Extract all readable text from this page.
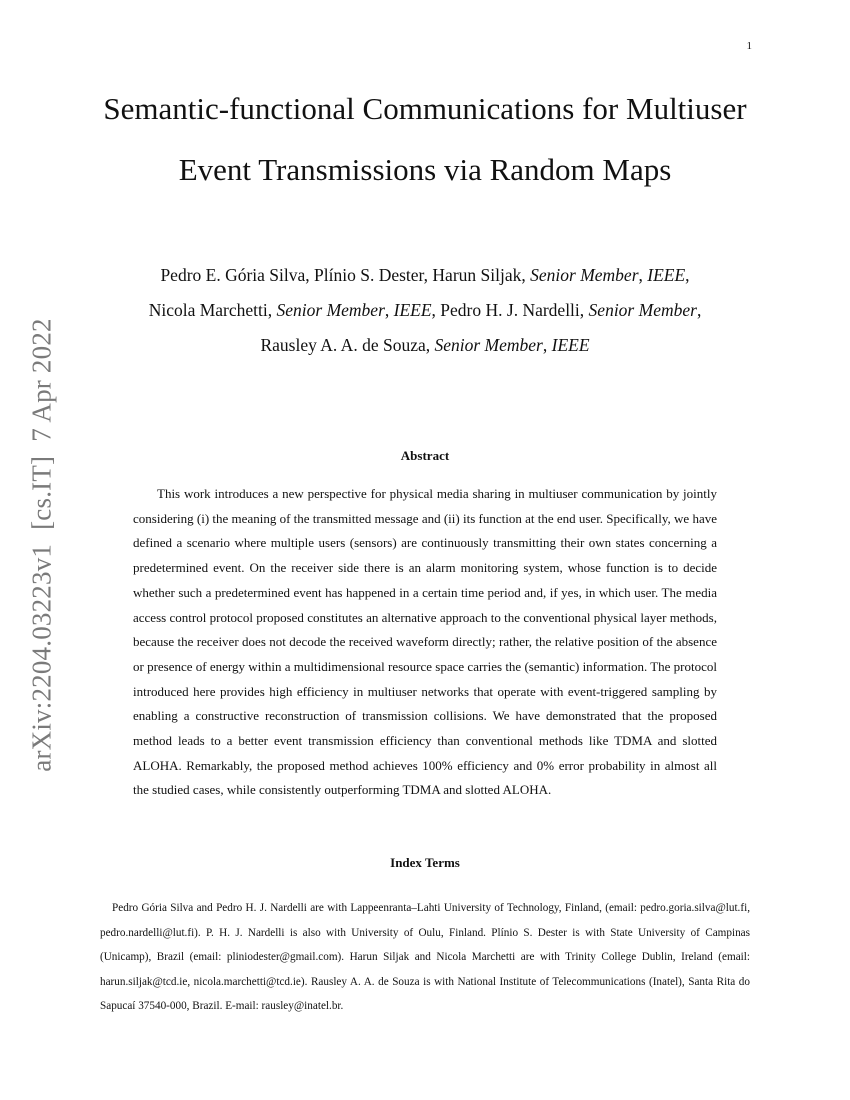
1
arXiv:2204.03223v1[cs.IT]7 Apr 2022
Semantic-functional Communications for Multiuser Event Transmissions via Random Maps
Pedro E. Gória Silva, Plínio S. Dester, Harun Siljak, Senior Member, IEEE,
Nicola Marchetti, Senior Member, IEEE, Pedro H. J. Nardelli, Senior Member,
Rausley A. A. de Souza, Senior Member, IEEE
Abstract

This work introduces a new perspective for physical media sharing in multiuser communication by jointly considering (i) the meaning of the transmitted message and (ii) its function at the end user. Specifically, we have defined a scenario where multiple users (sensors) are continuously transmitting their own states concerning a predetermined event. On the receiver side there is an alarm monitoring system, whose function is to decide whether such a predetermined event has happened in a certain time period and, if yes, in which user. The media access control protocol proposed constitutes an alternative approach to the conventional physical layer methods, because the receiver does not decode the received waveform directly; rather, the relative position of the absence or presence of energy within a multidimensional resource space carries the (semantic) information. The protocol introduced here provides high efficiency in multiuser networks that operate with event-triggered sampling by enabling a constructive reconstruction of transmission collisions. We have demonstrated that the proposed method leads to a better event transmission efficiency than conventional methods like TDMA and slotted ALOHA. Remarkably, the proposed method achieves 100% efficiency and 0% error probability in almost all the studied cases, while consistently outperforming TDMA and slotted ALOHA.

Index Terms

Pedro Gória Silva and Pedro H. J. Nardelli are with Lappeenranta–Lahti University of Technology, Finland, (email: pedro.goria.silva@lut.fi, pedro.nardelli@lut.fi). P. H. J. Nardelli is also with University of Oulu, Finland. Plínio S. Dester is with State University of Campinas (Unicamp), Brazil (email: pliniodester@gmail.com). Harun Siljak and Nicola Marchetti are with Trinity College Dublin, Ireland (email: harun.siljak@tcd.ie, nicola.marchetti@tcd.ie). Rausley A. A. de Souza is with National Institute of Telecommunications (Inatel), Santa Rita do Sapucaí 37540-000, Brazil. E-mail: rausley@inatel.br.
